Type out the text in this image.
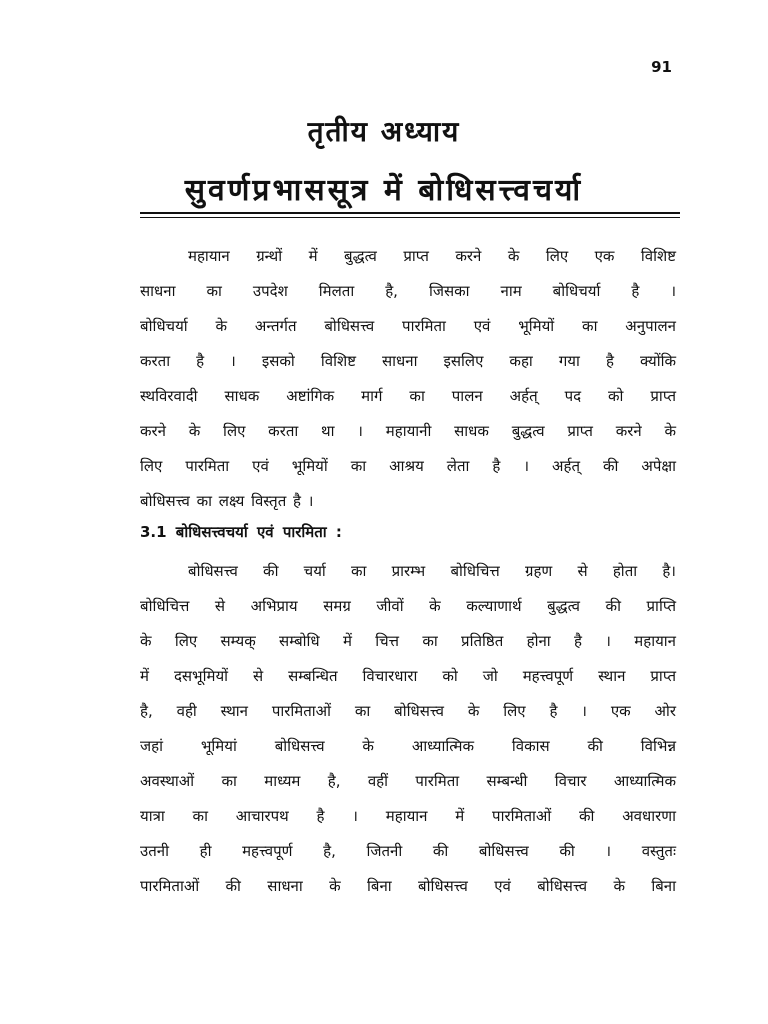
91
तृतीय अध्याय
सुवर्णप्रभाससूत्र में बोधिसत्त्वचर्या
महायान ग्रन्थों में बुद्धत्व प्राप्त करने के लिए एक विशिष्ट
साधना का उपदेश मिलता है, जिसका नाम बोधिचर्या है ।
बोधिचर्या के अन्तर्गत बोधिसत्त्व पारमिता एवं भूमियों का अनुपालन
करता है । इसको विशिष्ट साधना इसलिए कहा गया है क्योंकि
स्थविरवादी साधक अष्टांगिक मार्ग का पालन अर्हत् पद को प्राप्त
करने के लिए करता था । महायानी साधक बुद्धत्व प्राप्त करने के
लिए पारमिता एवं भूमियों का आश्रय लेता है । अर्हत् की अपेक्षा
बोधिसत्त्व का लक्ष्य विस्तृत है ।
3.1 बोधिसत्त्वचर्या एवं पारमिता :
बोधिसत्त्व की चर्या का प्रारम्भ बोधिचित्त ग्रहण से होता है।
बोधिचित्त से अभिप्राय समग्र जीवों के कल्याणार्थ बुद्धत्व की प्राप्ति
के लिए सम्यक् सम्बोधि में चित्त का प्रतिष्ठित होना है । महायान
में दसभूमियों से सम्बन्धित विचारधारा को जो महत्त्वपूर्ण स्थान प्राप्त
है, वही स्थान पारमिताओं का बोधिसत्त्व के लिए है । एक ओर
जहां भूमियां बोधिसत्त्व के आध्यात्मिक विकास की विभिन्न
अवस्थाओं का माध्यम है, वहीं पारमिता सम्बन्धी विचार आध्यात्मिक
यात्रा का आचारपथ है । महायान में पारमिताओं की अवधारणा
उतनी ही महत्त्वपूर्ण है, जितनी की बोधिसत्त्व की । वस्तुतः
पारमिताओं की साधना के बिना बोधिसत्त्व एवं बोधिसत्त्व के बिना
